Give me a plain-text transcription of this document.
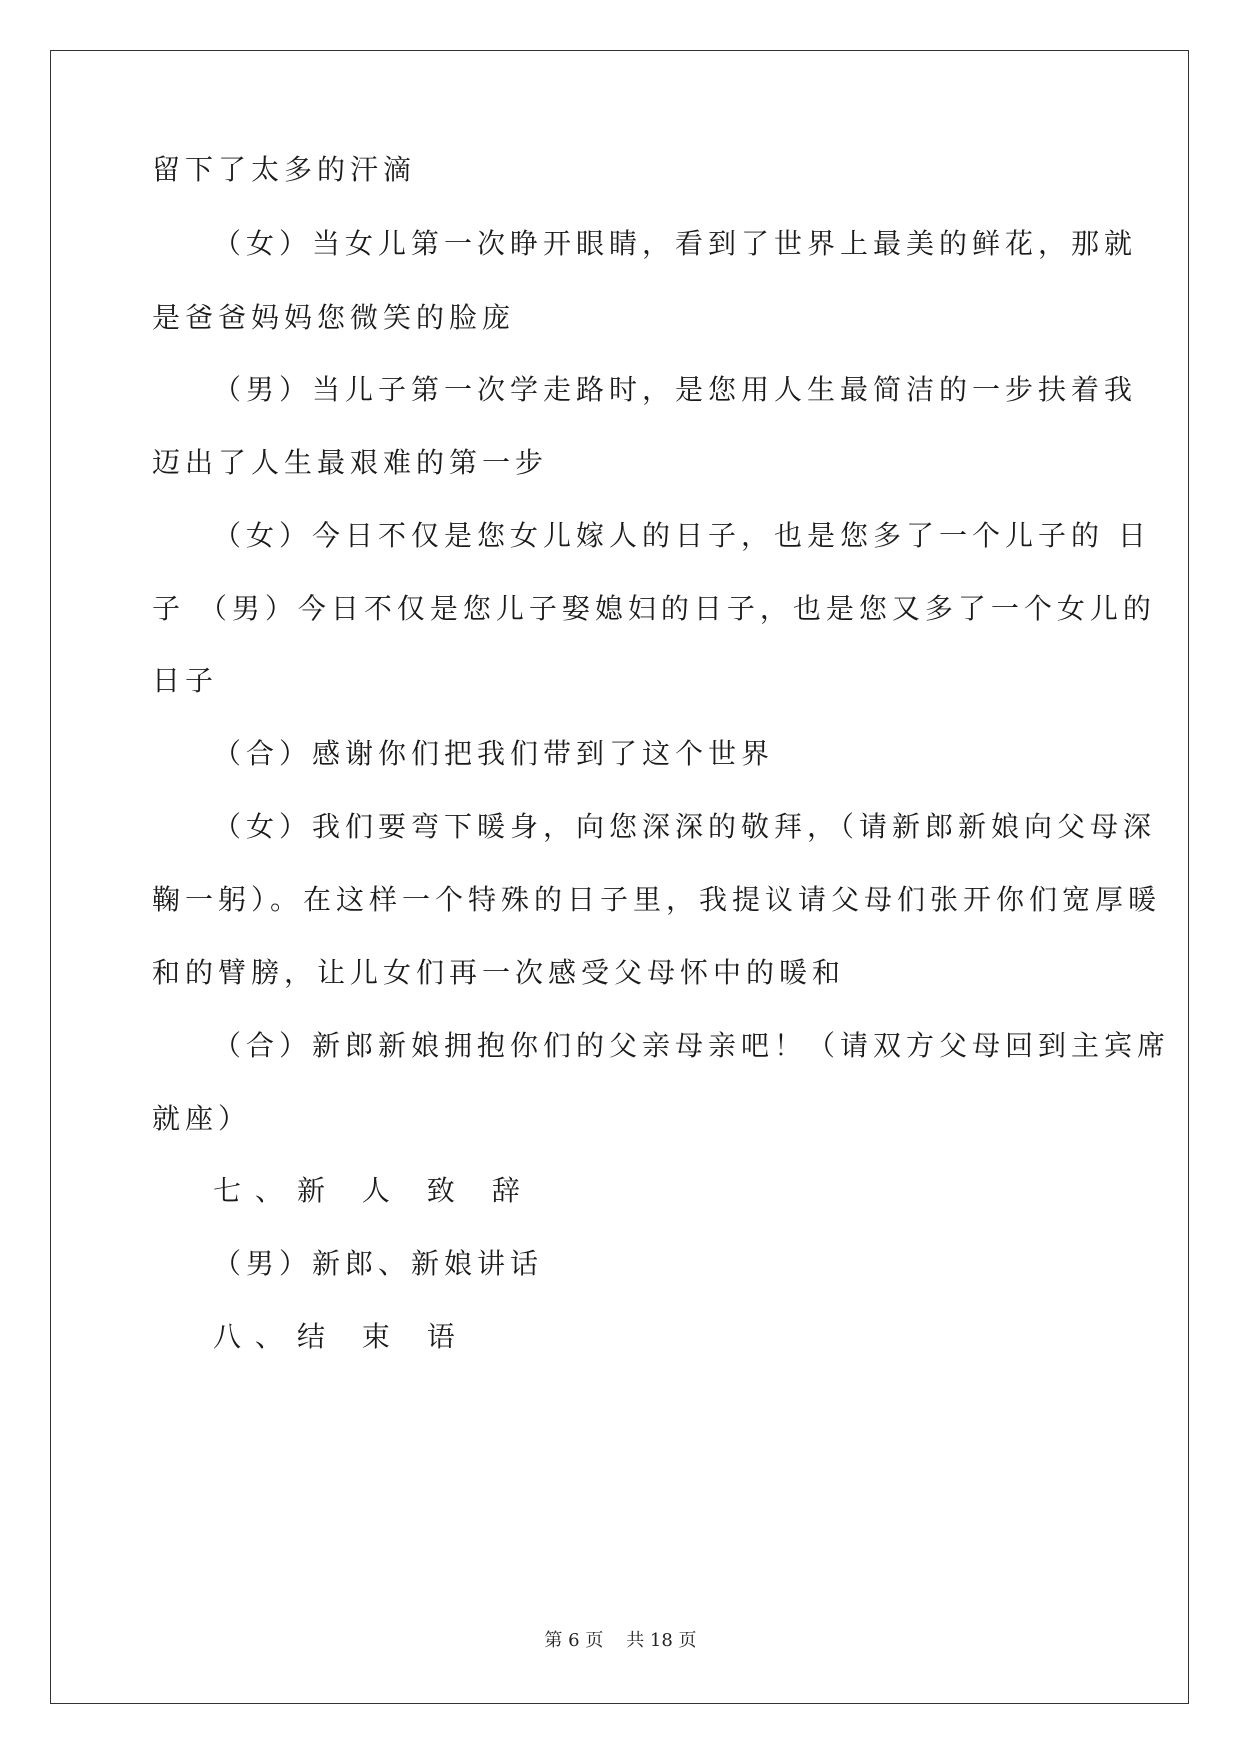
留下了太多的汗滴
（女）当女儿第一次睁开眼睛，看到了世界上最美的鲜花，那就
是爸爸妈妈您微笑的脸庞
（男）当儿子第一次学走路时，是您用人生最简洁的一步扶着我
迈出了人生最艰难的第一步
（女）今日不仅是您女儿嫁人的日子，也是您多了一个儿子的 日
子 （男）今日不仅是您儿子娶媳妇的日子，也是您又多了一个女儿的
日子
（合）感谢你们把我们带到了这个世界
（女）我们要弯下暖身，向您深深的敬拜，（请新郎新娘向父母深
鞠一躬）。在这样一个特殊的日子里，我提议请父母们张开你们宽厚暖
和的臂膀，让儿女们再一次感受父母怀中的暖和
（合）新郎新娘拥抱你们的父亲母亲吧！（请双方父母回到主宾席
就座）
七、新 人 致 辞
（男）新郎、新娘讲话
八、结 束 语
第 6 页    共 18 页
